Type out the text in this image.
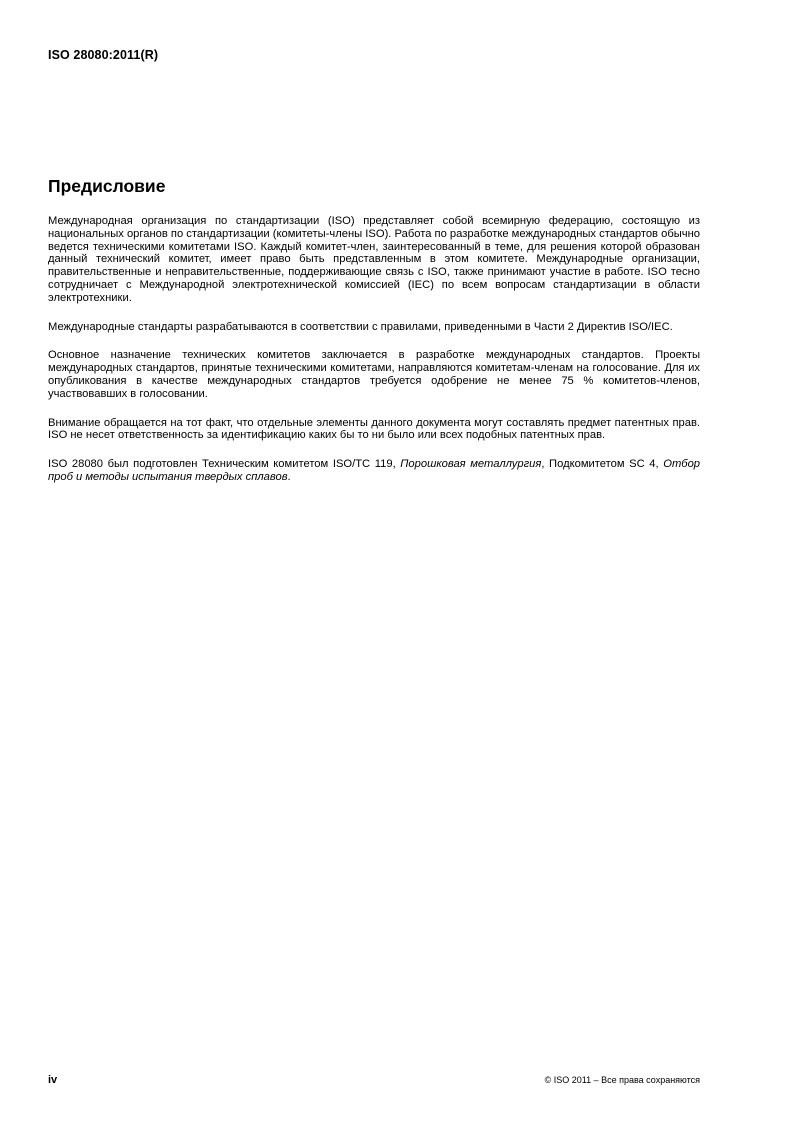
ISO 28080:2011(R)
Предисловие

Международная организация по стандартизации (ISO) представляет собой всемирную федерацию, состоящую из национальных органов по стандартизации (комитеты-члены ISO). Работа по разработке международных стандартов обычно ведется техническими комитетами ISO. Каждый комитет-член, заинтересованный в теме, для решения которой образован данный технический комитет, имеет право быть представленным в этом комитете. Международные организации, правительственные и неправительственные, поддерживающие связь с ISO, также принимают участие в работе. ISO тесно сотрудничает с Международной электротехнической комиссией (IEC) по всем вопросам стандартизации в области электротехники.

Международные стандарты разрабатываются в соответствии с правилами, приведенными в Части 2 Директив ISO/IEC.

Основное назначение технических комитетов заключается в разработке международных стандартов. Проекты международных стандартов, принятые техническими комитетами, направляются комитетам-членам на голосование. Для их опубликования в качестве международных стандартов требуется одобрение не менее 75 % комитетов-членов, участвовавших в голосовании.

Внимание обращается на тот факт, что отдельные элементы данного документа могут составлять предмет патентных прав. ISO не несет ответственность за идентификацию каких бы то ни было или всех подобных патентных прав.

ISO 28080 был подготовлен Техническим комитетом ISO/TC 119, Порошковая металлургия, Подкомитетом SC 4, Отбор проб и методы испытания твердых сплавов.

iv	© ISO 2011 – Все права сохраняются
